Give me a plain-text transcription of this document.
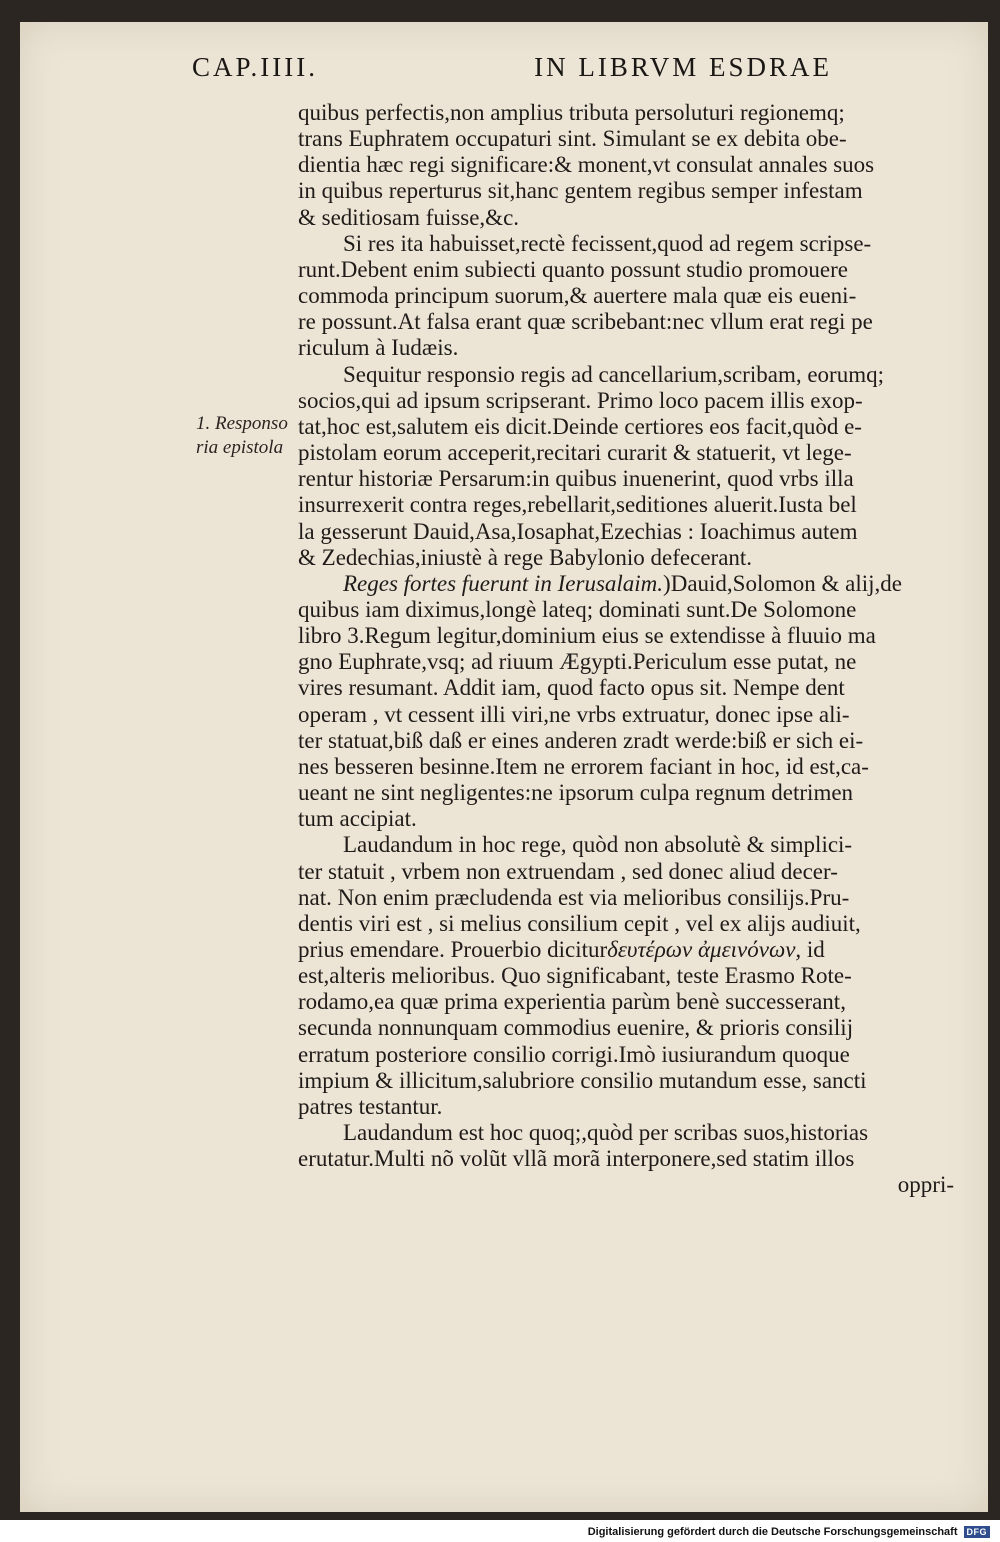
CAP.IIII.	IN LIBRVM ESDRAE
1. Responso
ria epistola
quibus perfectis,non amplius tributa persoluturi regionemq;
trans Euphratem occupaturi sint. Simulant se ex debita obe-
dientia hæc regi significare:& monent,vt consulat annales suos
in quibus reperturus sit,hanc gentem regibus semper infestam
& seditiosam fuisse,&c.
Si res ita habuisset,rectè fecissent,quod ad regem scripse-
runt.Debent enim subiecti quanto possunt studio promouere
commoda principum suorum,& auertere mala quæ eis eueni-
re possunt.At falsa erant quæ scribebant:nec vllum erat regi pe
riculum à Iudæis.
Sequitur responsio regis ad cancellarium,scribam, eorumq;
socios,qui ad ipsum scripserant. Primo loco pacem illis exop-
tat,hoc est,salutem eis dicit.Deinde certiores eos facit,quòd e-
pistolam eorum acceperit,recitari curarit & statuerit, vt lege-
rentur historiæ Persarum:in quibus inuenerint, quod vrbs illa
insurrexerit contra reges,rebellarit,seditiones aluerit.Iusta bel
la gesserunt Dauid,Asa,Iosaphat,Ezechias : Ioachimus autem
& Zedechias,iniustè à rege Babylonio defecerant.
Reges fortes fuerunt in Ierusalaim.)Dauid,Solomon & alij,de
quibus iam diximus,longè lateq; dominati sunt.De Solomone
libro 3.Regum legitur,dominium eius se extendisse à fluuio ma
gno Euphrate,vsq; ad riuum Ægypti.Periculum esse putat, ne
vires resumant. Addit iam, quod facto opus sit. Nempe dent
operam , vt cessent illi viri,ne vrbs extruatur, donec ipse ali-
ter statuat,biß daß er eines anderen zradt werde:biß er sich ei-
nes besseren besinne.Item ne errorem faciant in hoc, id est,ca-
ueant ne sint negligentes:ne ipsorum culpa regnum detrimen
tum accipiat.
Laudandum in hoc rege, quòd non absolutè & simplici-
ter statuit , vrbem non extruendam , sed donec aliud decer-
nat. Non enim præcludenda est via melioribus consilijs.Pru-
dentis viri est , si melius consilium cepit , vel ex alijs audiuit,
prius emendare. Prouerbio diciturδευτέρων ἀμεινόνων, id
est,alteris melioribus. Quo significabant, teste Erasmo Rote-
rodamo,ea quæ prima experientia parùm benè successerant,
secunda nonnunquam commodius euenire, & prioris consilij
erratum posteriore consilio corrigi.Imò iusiurandum quoque
impium & illicitum,salubriore consilio mutandum esse, sancti
patres testantur.
Laudandum est hoc quoq;,quòd per scribas suos,historias
erutatur.Multi nõ volũt vllã morã interponere,sed statim illos
oppri-
Digitalisierung gefördert durch die Deutsche Forschungsgemeinschaft	DFG
